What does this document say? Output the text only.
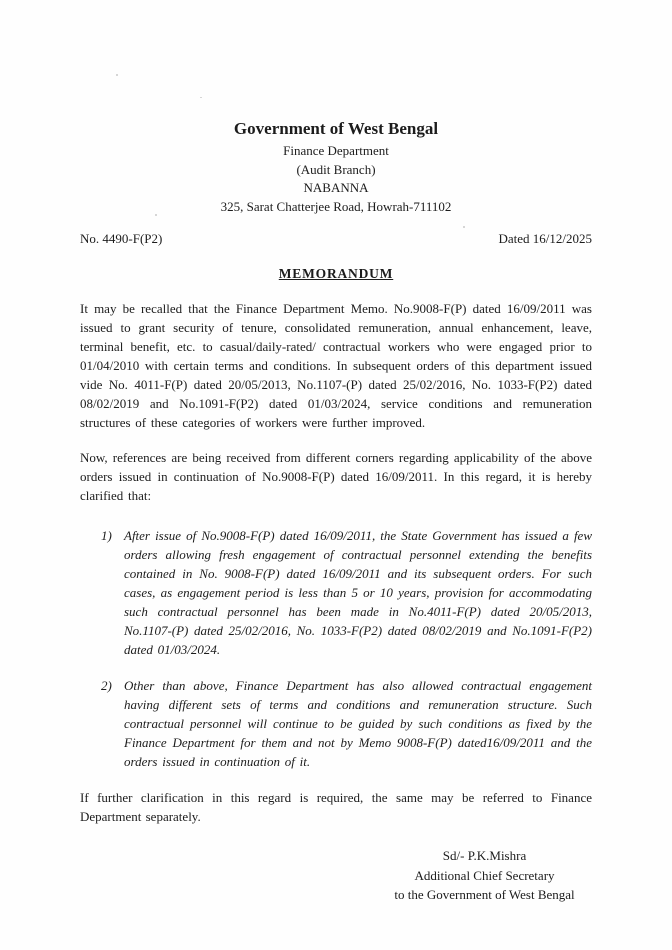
Government of West Bengal
Finance Department
(Audit Branch)
NABANNA
325, Sarat Chatterjee Road, Howrah-711102
No. 4490-F(P2)	Dated 16/12/2025
MEMORANDUM
It may be recalled that the Finance Department Memo. No.9008-F(P) dated 16/09/2011 was issued to grant security of tenure, consolidated remuneration, annual enhancement, leave, terminal benefit, etc. to casual/daily-rated/ contractual workers who were engaged prior to 01/04/2010 with certain terms and conditions. In subsequent orders of this department issued vide No. 4011-F(P) dated 20/05/2013, No.1107-(P) dated 25/02/2016, No. 1033-F(P2) dated 08/02/2019 and No.1091-F(P2) dated 01/03/2024, service conditions and remuneration structures of these categories of workers were further improved.
Now, references are being received from different corners regarding applicability of the above orders issued in continuation of No.9008-F(P) dated 16/09/2011. In this regard, it is hereby clarified that:
1) After issue of No.9008-F(P) dated 16/09/2011, the State Government has issued a few orders allowing fresh engagement of contractual personnel extending the benefits contained in No. 9008-F(P) dated 16/09/2011 and its subsequent orders. For such cases, as engagement period is less than 5 or 10 years, provision for accommodating such contractual personnel has been made in No.4011-F(P) dated 20/05/2013, No.1107-(P) dated 25/02/2016, No. 1033-F(P2) dated 08/02/2019 and No.1091-F(P2) dated 01/03/2024.
2) Other than above, Finance Department has also allowed contractual engagement having different sets of terms and conditions and remuneration structure. Such contractual personnel will continue to be guided by such conditions as fixed by the Finance Department for them and not by Memo 9008-F(P) dated16/09/2011 and the orders issued in continuation of it.
If further clarification in this regard is required, the same may be referred to Finance Department separately.
Sd/- P.K.Mishra
Additional Chief Secretary
to the Government of West Bengal
